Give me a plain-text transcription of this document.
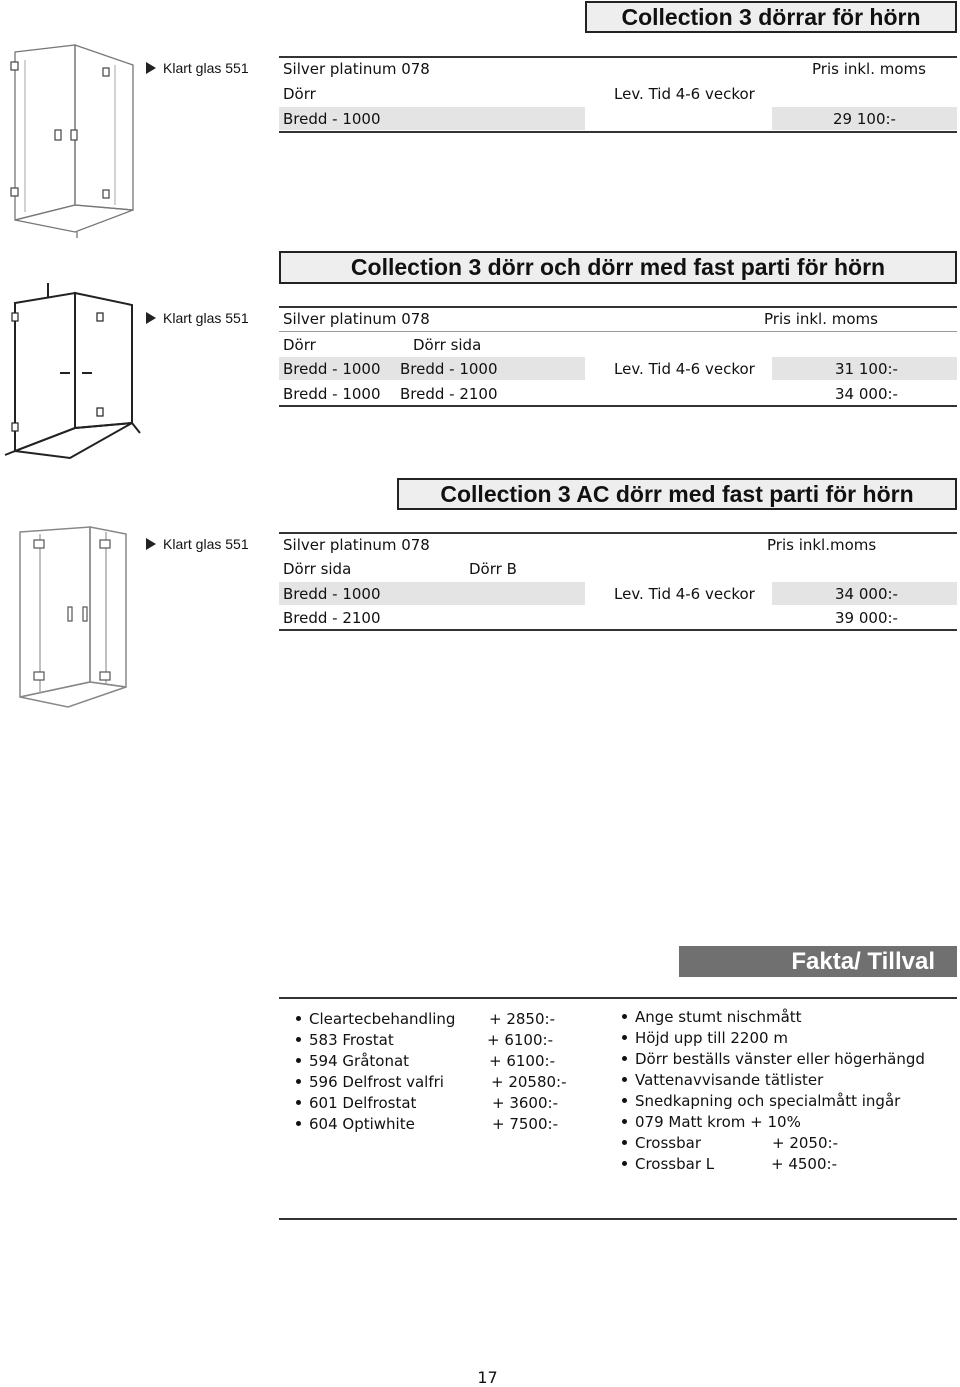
Collection 3 dörrar för hörn
Klart glas 551 Silver platinum 078	Pris inkl. moms
Dörr	Lev. Tid 4-6 veckor
Bredd - 1000	29 100:-
Collection 3 dörr och dörr med fast parti för hörn
Klart glas 551 Silver platinum 078	Pris inkl. moms
Dörr	Dörr sida
Bredd - 1000 Bredd - 1000	Lev. Tid 4-6 veckor	31 100:-
Bredd - 1000 Bredd - 2100	34 000:-
Collection 3 AC dörr med fast parti för hörn
Klart glas 551 Silver platinum 078	Pris inkl.moms
Dörr sida	Dörr B
Bredd - 1000	Lev. Tid 4-6 veckor	34 000:-
Bredd - 2100	39 000:-
Fakta/ Tillval
Cleartecbehandling + 2850:-
583 Frostat	+ 6100:-
594 Gråtonat	+ 6100:-
596 Delfrost valfri	+ 20580:-
601 Delfrostat	+ 3600:-
604 Optiwhite	+ 7500:-
Ange stumt nischmått
Höjd upp till 2200 m
Dörr beställs vänster eller högerhängd
Vattenavvisande tätlister
Snedkapning och specialmått ingår
079 Matt krom + 10%
Crossbar	+ 2050:-
Crossbar L	+ 4500:-
17
